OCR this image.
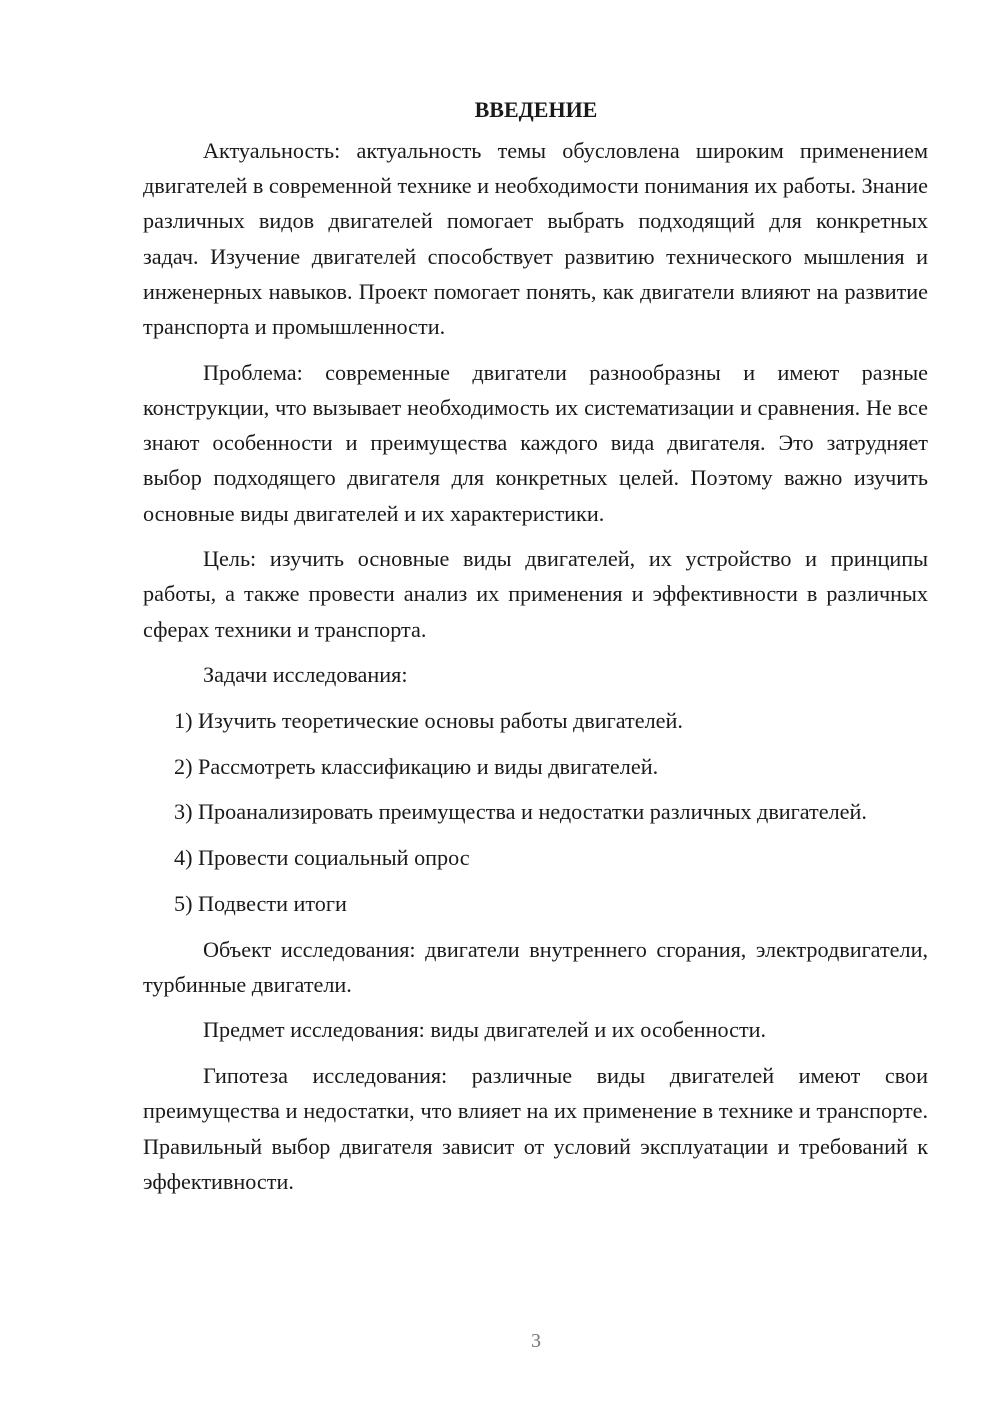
ВВЕДЕНИЕ

Актуальность: актуальность темы обусловлена широким применением двигателей в современной технике и необходимости понимания их работы. Знание различных видов двигателей помогает выбрать подходящий для конкретных задач. Изучение двигателей способствует развитию технического мышления и инженерных навыков. Проект помогает понять, как двигатели влияют на развитие транспорта и промышленности.

Проблема: современные двигатели разнообразны и имеют разные конструкции, что вызывает необходимость их систематизации и сравнения. Не все знают особенности и преимущества каждого вида двигателя. Это затрудняет выбор подходящего двигателя для конкретных целей. Поэтому важно изучить основные виды двигателей и их характеристики.

Цель: изучить основные виды двигателей, их устройство и принципы работы, а также провести анализ их применения и эффективности в различных сферах техники и транспорта.

Задачи исследования:

1) Изучить теоретические основы работы двигателей.

2) Рассмотреть классификацию и виды двигателей.

3) Проанализировать преимущества и недостатки различных двигателей.

4) Провести социальный опрос

5) Подвести итоги

Объект исследования: двигатели внутреннего сгорания, электродвигатели, турбинные двигатели.

Предмет исследования: виды двигателей и их особенности.

Гипотеза исследования: различные виды двигателей имеют свои преимущества и недостатки, что влияет на их применение в технике и транспорте. Правильный выбор двигателя зависит от условий эксплуатации и требований к эффективности.

3
